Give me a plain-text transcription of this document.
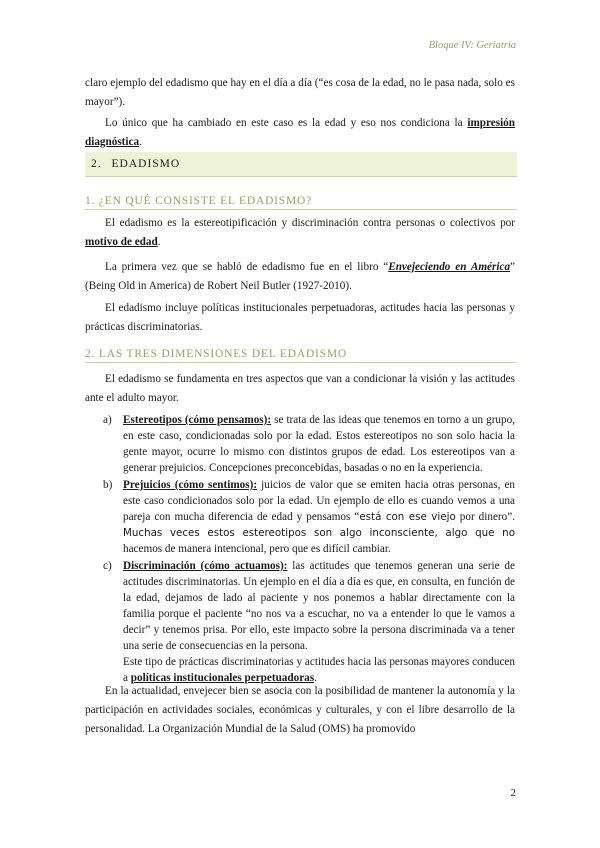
Bloque IV: Geriatría
claro ejemplo del edadismo que hay en el día a día (“es cosa de la edad, no le pasa nada, solo es mayor”).
Lo único que ha cambiado en este caso es la edad y eso nos condiciona la impresión diagnóstica.
2. EDADISMO
1. ¿EN QUÉ CONSISTE EL EDADISMO?
El edadismo es la estereotipificación y discriminación contra personas o colectivos por motivo de edad.
La primera vez que se habló de edadismo fue en el libro “Envejeciendo en América” (Being Old in America) de Robert Neil Butler (1927-2010).
El edadismo incluye políticas institucionales perpetuadoras, actitudes hacia las personas y prácticas discriminatorias.
2. LAS TRES DIMENSIONES DEL EDADISMO
El edadismo se fundamenta en tres aspectos que van a condicionar la visión y las actitudes ante el adulto mayor.
a) Estereotipos (cómo pensamos): se trata de las ideas que tenemos en torno a un grupo, en este caso, condicionadas solo por la edad. Estos estereotipos no son solo hacia la gente mayor, ocurre lo mismo con distintos grupos de edad. Los estereotipos van a generar prejuicios. Concepciones preconcebidas, basadas o no en la experiencia.
b) Prejuicios (cómo sentimos): juicios de valor que se emiten hacia otras personas, en este caso condicionados solo por la edad. Un ejemplo de ello es cuando vemos a una pareja con mucha diferencia de edad y pensamos “está con ese viejo por dinero”. Muchas veces estos estereotipos son algo inconsciente, algo que no hacemos de manera intencional, pero que es difícil cambiar.
c) Discriminación (cómo actuamos): las actitudes que tenemos generan una serie de actitudes discriminatorias. Un ejemplo en el día a día es que, en consulta, en función de la edad, dejamos de lado al paciente y nos ponemos a hablar directamente con la familia porque el paciente “no nos va a escuchar, no va a entender lo que le vamos a decir” y tenemos prisa. Por ello, este impacto sobre la persona discriminada va a tener una serie de consecuencias en la persona.
Este tipo de prácticas discriminatorias y actitudes hacia las personas mayores conducen a políticas institucionales perpetuadoras.
En la actualidad, envejecer bien se asocia con la posibilidad de mantener la autonomía y la participación en actividades sociales, económicas y culturales, y con el libre desarrollo de la personalidad. La Organización Mundial de la Salud (OMS) ha promovido
2
